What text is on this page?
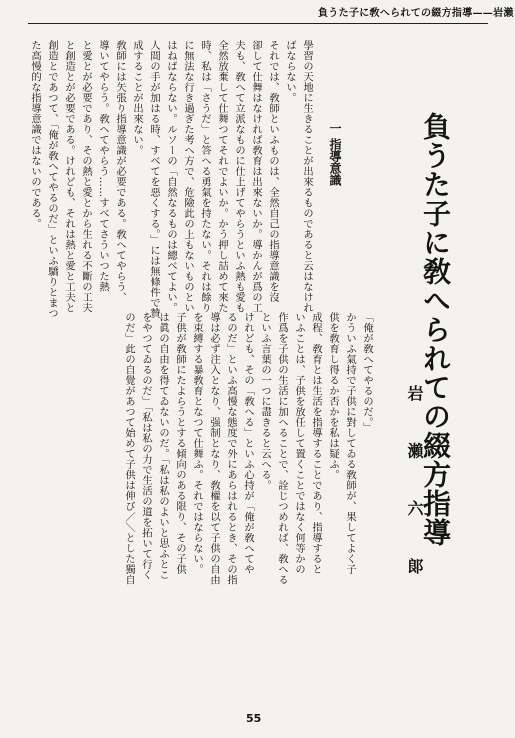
負うた子に敎へられての綴方指導——岩瀨
負うた子に敎へられての綴方指導
岩 瀨 六 郞
學習の天地に生きることが出來るものであると云はなけれ
ばならない。
それでは、敎師といふものは、全然自己の指導意識を沒
卻して仕舞はなければ敎育は出來ないか。導かんが爲の工
夫も、敎へて立派なものに仕上げてやらうといふ熱も愛も
全然放棄して仕舞つてそれでよいか。かう押し詰めて來た
時、私は「さうだ」と答へる勇氣を持たない。それは餘り
に無法な行き過ぎた考へ方で、危險此の上もないものとい
はねばならない。ルソーの「自然なるものは總べてよい。
人間の手が加はる時、すべてを惡くする。」には無條件で贊
成することが出來ない。
敎師には矢張り指導意識が必要である。敎へてやらう、
導いてやらう。敎へてやらう……すべてさういつた熱
と愛とが必要であり、その熱と愛とから生れる不斷の工夫
と創造とが必要である。けれども、それは熱と愛と工夫と
創造とであつて、「俺が敎へてやるのだ」といふ驕りとまつ
た高慢的な指導意識ではないのである。	一 指導意識
「俺が敎へてやるのだ。」
かういふ氣持で子供に對してゐる敎師が、果してよく子
供を敎育し得るか否かを私は疑ふ。
成程、敎育とは生活を指導することであり、指導すると
いふことは、子供を放任して置くことではなく何等かの
作爲を子供の生活に加へることで、詮じつめれば、敎へる
といふ言葉の一つに盡きると云へる。
けれども、その「敎へる」といふ心持が「俺が敎へてや
るのだ」といふ高慢な態度で外にあらはれるとき、その指
導は必ず注入となり、强制となり、敎權を以て子供の自由
を束縛する暴敎育となつて仕舞ふ。それではならない。
子供が敎師にたよらうとする傾向のある限り、その子供
は眞の自由を得てゐないのだ。「私は私のよいと思ふとこ
をやつてゐるのだ」「私は私の力で生活の道を拓いて行く
のだ」此の自覺があつて始めて子供は伸び／＼とした獨自
55
